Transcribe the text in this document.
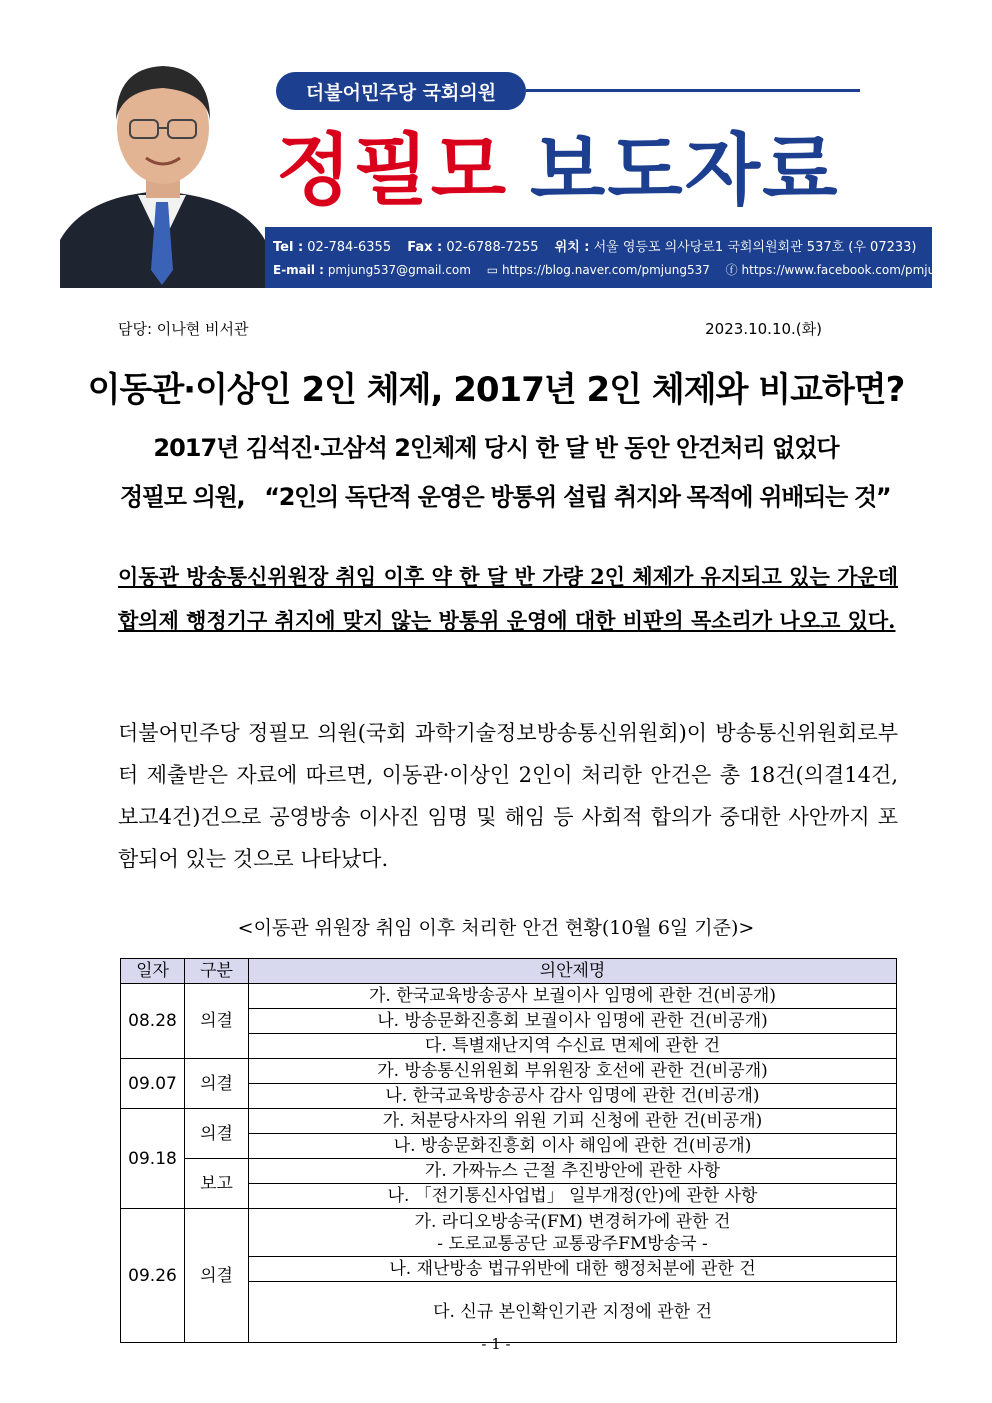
더불어민주당 국회의원
정필모 보도자료
Tel : 02-784-6355 Fax : 02-6788-7255 위치 : 서울 영등포 의사당로1 국회의원회관 537호 (우 07233)
E-mail : pmjung537@gmail.com ▭ https://blog.naver.com/pmjung537 ⓕ https://www.facebook.com/pmjung537
담당: 이나현 비서관	2023.10.10.(화)
이동관·이상인 2인 체제, 2017년 2인 체제와 비교하면?
2017년 김석진·고삼석 2인체제 당시 한 달 반 동안 안건처리 없었다
정필모 의원, “2인의 독단적 운영은 방통위 설립 취지와 목적에 위배되는 것”
이동관 방송통신위원장 취임 이후 약 한 달 반 가량 2인 체제가 유지되고 있는 가운데 합의제 행정기구 취지에 맞지 않는 방통위 운영에 대한 비판의 목소리가 나오고 있다.
더불어민주당 정필모 의원(국회 과학기술정보방송통신위원회)이 방송통신위원회로부터 제출받은 자료에 따르면, 이동관·이상인 2인이 처리한 안건은 총 18건(의결14건, 보고4건)건으로 공영방송 이사진 임명 및 해임 등 사회적 합의가 중대한 사안까지 포함되어 있는 것으로 나타났다.
<이동관 위원장 취임 이후 처리한 안건 현황(10월 6일 기준)>
일자	구분	의안제명
08.28	의결	가. 한국교육방송공사 보궐이사 임명에 관한 건(비공개)
		나. 방송문화진흥회 보궐이사 임명에 관한 건(비공개)
		다. 특별재난지역 수신료 면제에 관한 건
09.07	의결	가. 방송통신위원회 부위원장 호선에 관한 건(비공개)
		나. 한국교육방송공사 감사 임명에 관한 건(비공개)
09.18	의결	가. 처분당사자의 위원 기피 신청에 관한 건(비공개)
		나. 방송문화진흥회 이사 해임에 관한 건(비공개)
	보고	가. 가짜뉴스 근절 추진방안에 관한 사항
		나. 「전기통신사업법」 일부개정(안)에 관한 사항
09.26	의결	가. 라디오방송국(FM) 변경허가에 관한 건
- 도로교통공단 교통광주FM방송국 -

		나. 재난방송 법규위반에 대한 행정처분에 관한 건
		다. 신규 본인확인기관 지정에 관한 건
- 1 -
